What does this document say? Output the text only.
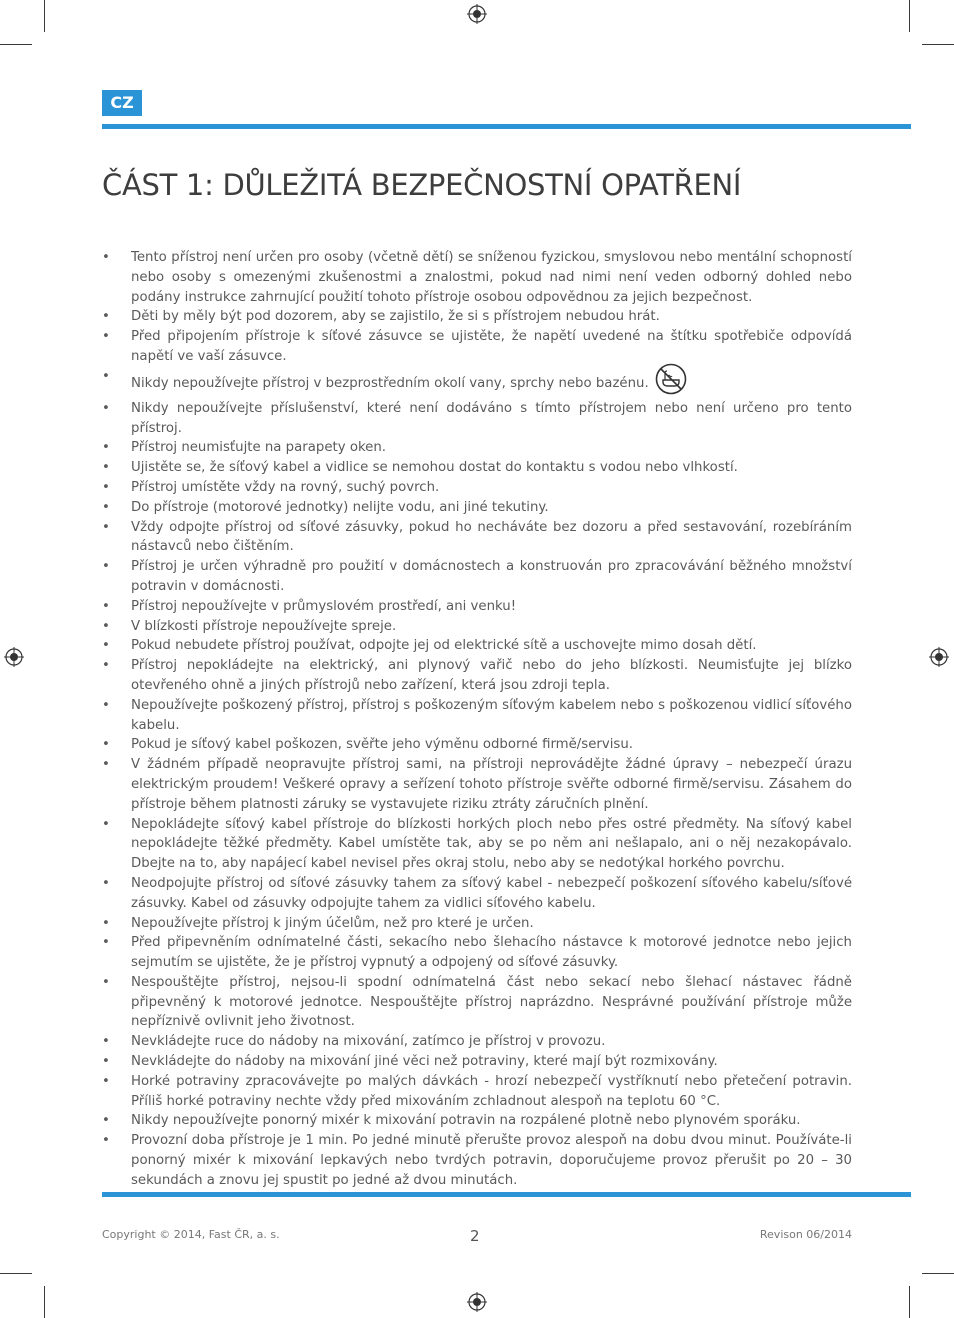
CZ
ČÁST 1: DŮLEŽITÁ BEZPEČNOSTNÍ OPATŘENÍ
• Tento přístroj není určen pro osoby (včetně dětí) se sníženou fyzickou, smyslovou nebo mentální schopností nebo osoby s omezenými zkušenostmi a znalostmi, pokud nad nimi není veden odborný dohled nebo podány instrukce zahrnující použití tohoto přístroje osobou odpovědnou za jejich bezpečnost.
• Děti by měly být pod dozorem, aby se zajistilo, že si s přístrojem nebudou hrát.
• Před připojením přístroje k síťové zásuvce se ujistěte, že napětí uvedené na štítku spotřebiče odpovídá napětí ve vaší zásuvce.
• Nikdy nepoužívejte přístroj v bezprostředním okolí vany, sprchy nebo bazénu.
• Nikdy nepoužívejte příslušenství, které není dodáváno s tímto přístrojem nebo není určeno pro tento přístroj.
• Přístroj neumisťujte na parapety oken.
• Ujistěte se, že síťový kabel a vidlice se nemohou dostat do kontaktu s vodou nebo vlhkostí.
• Přístroj umístěte vždy na rovný, suchý povrch.
• Do přístroje (motorové jednotky) nelijte vodu, ani jiné tekutiny.
• Vždy odpojte přístroj od síťové zásuvky, pokud ho necháváte bez dozoru a před sestavování, rozebíráním nástavců nebo čištěním.
• Přístroj je určen výhradně pro použití v domácnostech a konstruován pro zpracovávání běžného množství potravin v domácnosti.
• Přístroj nepoužívejte v průmyslovém prostředí, ani venku!
• V blízkosti přístroje nepoužívejte spreje.
• Pokud nebudete přístroj používat, odpojte jej od elektrické sítě a uschovejte mimo dosah dětí.
• Přístroj nepokládejte na elektrický, ani plynový vařič nebo do jeho blízkosti. Neumisťujte jej blízko otevřeného ohně a jiných přístrojů nebo zařízení, která jsou zdroji tepla.
• Nepoužívejte poškozený přístroj, přístroj s poškozeným síťovým kabelem nebo s poškozenou vidlicí síťového kabelu.
• Pokud je síťový kabel poškozen, svěřte jeho výměnu odborné firmě/servisu.
• V žádném případě neopravujte přístroj sami, na přístroji neprovádějte žádné úpravy – nebezpečí úrazu elektrickým proudem! Veškeré opravy a seřízení tohoto přístroje svěřte odborné firmě/servisu. Zásahem do přístroje během platnosti záruky se vystavujete riziku ztráty záručních plnění.
• Nepokládejte síťový kabel přístroje do blízkosti horkých ploch nebo přes ostré předměty. Na síťový kabel nepokládejte těžké předměty. Kabel umístěte tak, aby se po něm ani nešlapalo, ani o něj nezakopávalo. Dbejte na to, aby napájecí kabel nevisel přes okraj stolu, nebo aby se nedotýkal horkého povrchu.
• Neodpojujte přístroj od síťové zásuvky tahem za síťový kabel - nebezpečí poškození síťového kabelu/síťové zásuvky. Kabel od zásuvky odpojujte tahem za vidlici síťového kabelu.
• Nepoužívejte přístroj k jiným účelům, než pro které je určen.
• Před připevněním odnímatelné části, sekacího nebo šlehacího nástavce k motorové jednotce nebo jejich sejmutím se ujistěte, že je přístroj vypnutý a odpojený od síťové zásuvky.
• Nespouštějte přístroj, nejsou-li spodní odnímatelná část nebo sekací nebo šlehací nástavec řádně připevněný k motorové jednotce. Nespouštějte přístroj naprázdno. Nesprávné používání přístroje může nepříznivě ovlivnit jeho životnost.
• Nevkládejte ruce do nádoby na mixování, zatímco je přístroj v provozu.
• Nevkládejte do nádoby na mixování jiné věci než potraviny, které mají být rozmixovány.
• Horké potraviny zpracovávejte po malých dávkách - hrozí nebezpečí vystříknutí nebo přetečení potravin. Příliš horké potraviny nechte vždy před mixováním zchladnout alespoň na teplotu 60 °C.
• Nikdy nepoužívejte ponorný mixér k mixování potravin na rozpálené plotně nebo plynovém sporáku.
• Provozní doba přístroje je 1 min. Po jedné minutě přerušte provoz alespoň na dobu dvou minut. Používáte-li ponorný mixér k mixování lepkavých nebo tvrdých potravin, doporučujeme provoz přerušit po 20 – 30 sekundách a znovu jej spustit po jedné až dvou minutách.
Copyright © 2014, Fast ČR, a. s.	2	Revison 06/2014
